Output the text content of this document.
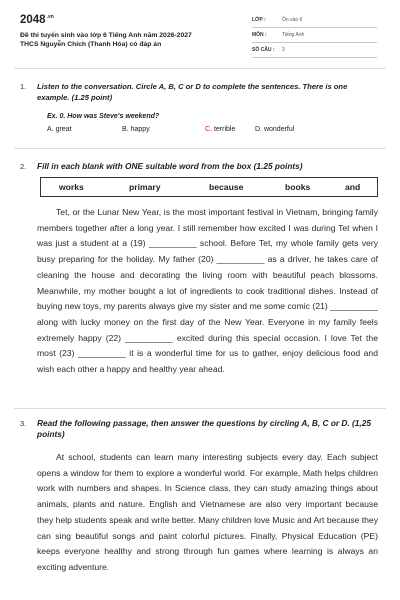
$2048^{.vn}$
Đề thi tuyển sinh vào lớp 6 Tiếng Anh năm 2026-2027
THCS Nguyễn Chích (Thanh Hóa) có đáp án
LỚP :	Ôn vào 6
MÔN :	Tiếng Anh
SỐ CÂU : 3
1. Listen to the conversation. Circle A, B, C or D to complete the sentences. There is one example. (1.25 point)
Ex. 0. How was Steve's weekend?
A. great	B. happy	C. terrible	D. wonderful
2. Fill in each blank with ONE suitable word from the box (1.25 points)
works	primary	because	books	and

Tet, or the Lunar New Year, is the most important festival in Vietnam, bringing family members together after a long year. I still remember how excited I was during Tet when I was just a student at a (19) __________ school. Before Tet, my whole family gets very busy preparing for the holiday. My father (20) __________ as a driver, he takes care of cleaning the house and decorating the living room with beautiful peach blossoms. Meanwhile, my mother bought a lot of ingredients to cook traditional dishes. Instead of buying new toys, my parents always give my sister and me some comic (21) __________ along with lucky money on the first day of the New Year. Everyone in my family feels extremely happy (22) __________ excited during this special occasion. I love Tet the most (23) __________ it is a wonderful time for us to gather, enjoy delicious food and wish each other a happy and healthy year ahead.

3. Read the following passage, then answer the questions by circling A, B, C or D. (1,25 points)

At school, students can learn many interesting subjects every day. Each subject opens a window for them to explore a wonderful world. For example, Math helps children work with numbers and shapes. In Science class, they can study amazing things about animals, plants and nature. English and Vietnamese are also very important because they help students speak and write better. Many children love Music and Art because they can sing beautiful songs and paint colorful pictures. Finally, Physical Education (PE) keeps everyone healthy and strong through fun games where learning is always an exciting adventure.
